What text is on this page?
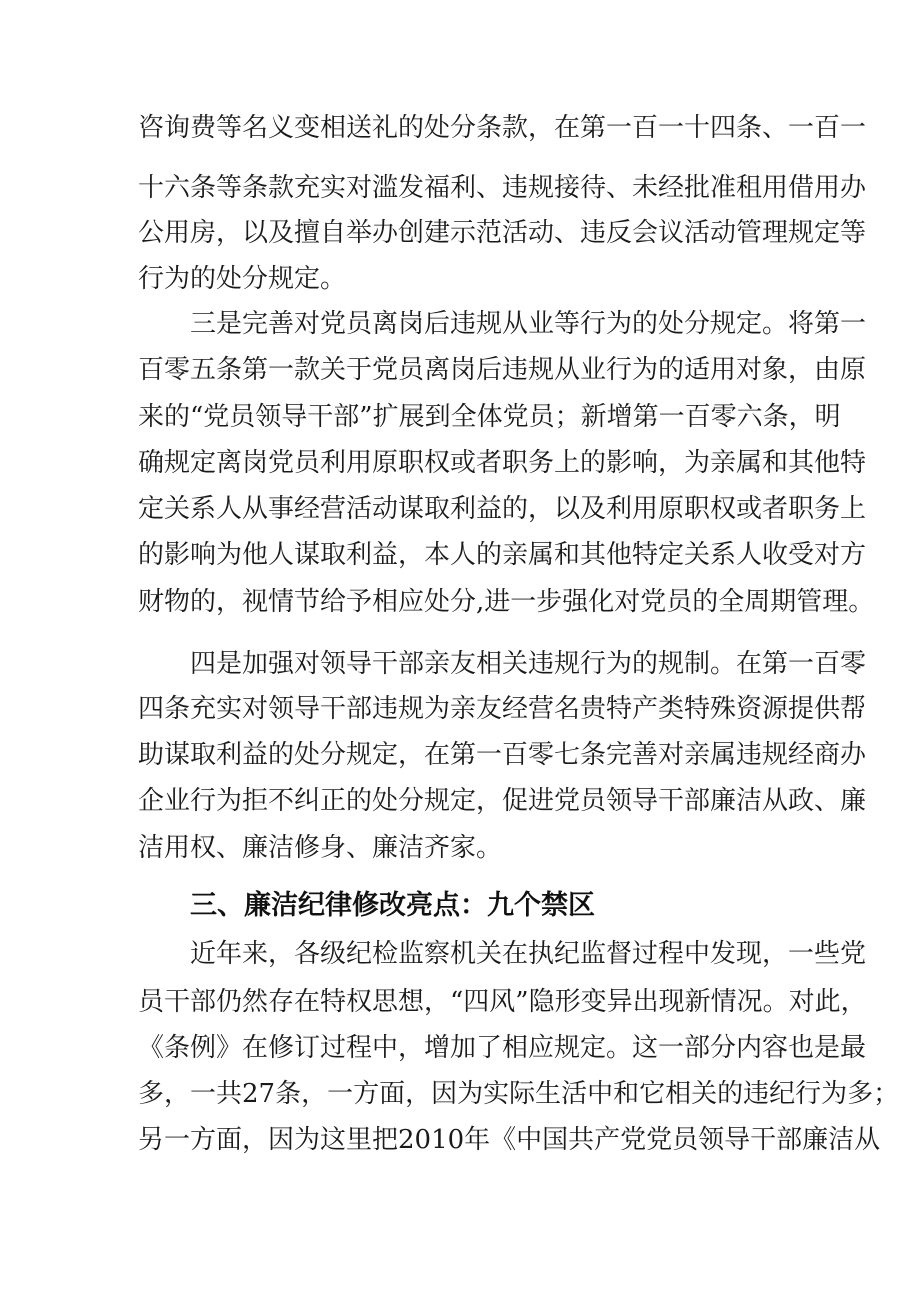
咨询费等名义变相送礼的处分条款，在第一百一十四条、一百一
十六条等条款充实对滥发福利、违规接待、未经批准租用借用办
公用房，以及擅自举办创建示范活动、违反会议活动管理规定等
行为的处分规定。
三是完善对党员离岗后违规从业等行为的处分规定。将第一
百零五条第一款关于党员离岗后违规从业行为的适用对象，由原
来的“党员领导干部”扩展到全体党员；新增第一百零六条，明
确规定离岗党员利用原职权或者职务上的影响，为亲属和其他特
定关系人从事经营活动谋取利益的，以及利用原职权或者职务上
的影响为他人谋取利益，本人的亲属和其他特定关系人收受对方
财物的，视情节给予相应处分,进一步强化对党员的全周期管理。
四是加强对领导干部亲友相关违规行为的规制。在第一百零
四条充实对领导干部违规为亲友经营名贵特产类特殊资源提供帮
助谋取利益的处分规定，在第一百零七条完善对亲属违规经商办
企业行为拒不纠正的处分规定，促进党员领导干部廉洁从政、廉
洁用权、廉洁修身、廉洁齐家。
三、廉洁纪律修改亮点：九个禁区
近年来，各级纪检监察机关在执纪监督过程中发现，一些党
员干部仍然存在特权思想，“四风”隐形变异出现新情况。对此，
《条例》在修订过程中，增加了相应规定。这一部分内容也是最
多，一共27条，一方面，因为实际生活中和它相关的违纪行为多；
另一方面，因为这里把2010年《中国共产党党员领导干部廉洁从
